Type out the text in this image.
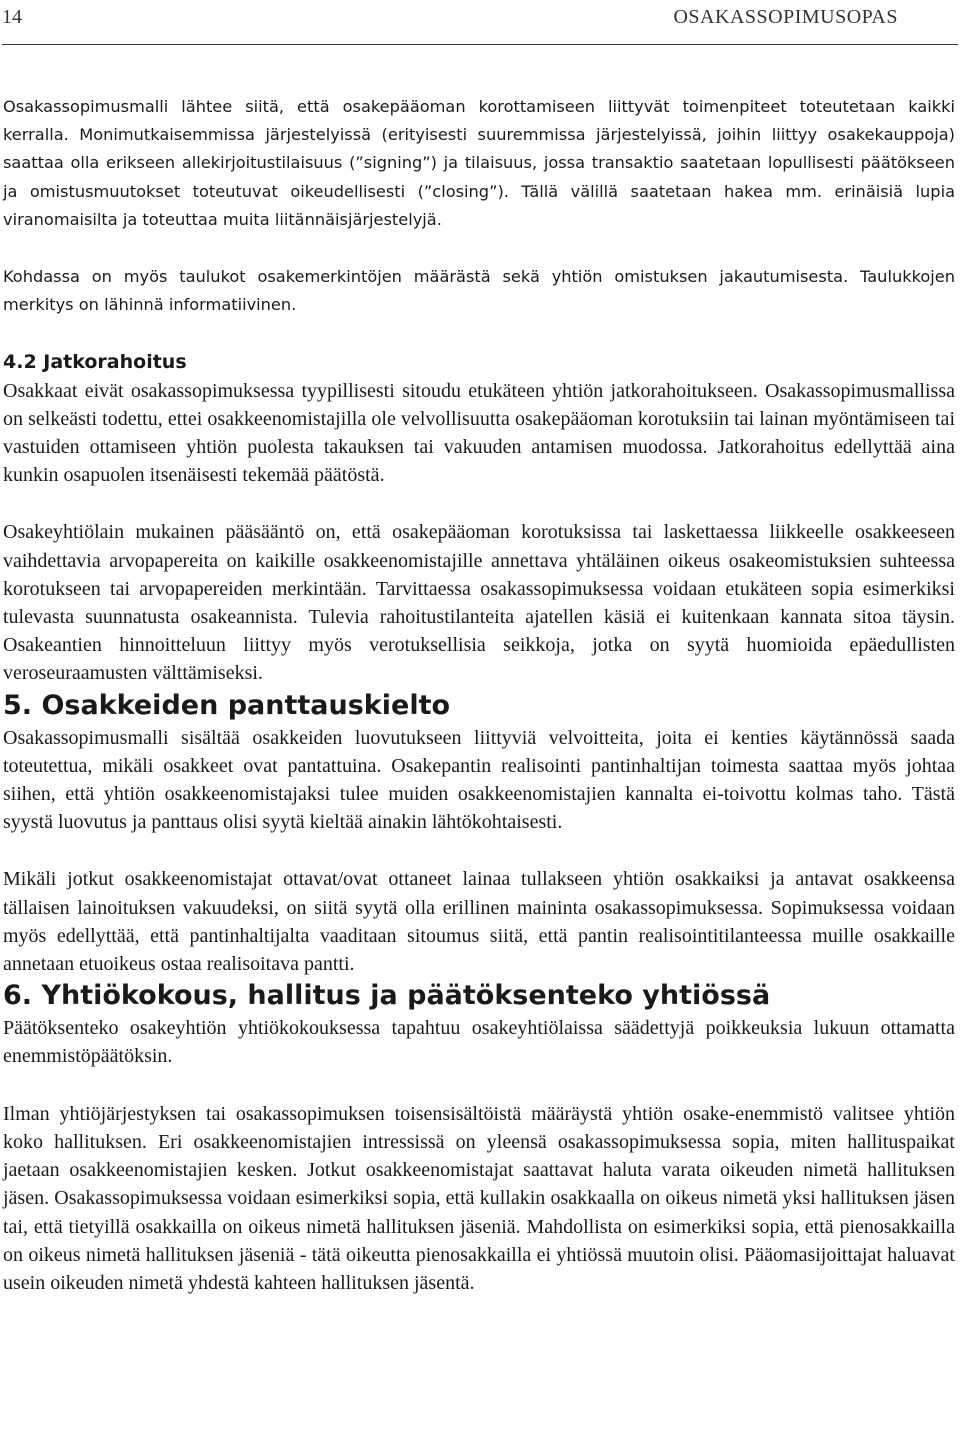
14	OSAKASSOPIMUSOPAS

Osakassopimusmalli lähtee siitä, että osakepääoman korottamiseen liittyvät toimenpiteet toteutetaan kaikki kerralla. Monimutkaisemmissa järjestelyissä (erityisesti suuremmissa järjestelyissä, joihin liittyy osakekauppoja) saattaa olla erikseen allekirjoitustilaisuus (”signing”) ja tilaisuus, jossa transaktio saatetaan lopullisesti päätökseen ja omistusmuutokset toteutuvat oikeudellisesti (”closing”). Tällä välillä saatetaan hakea mm. erinäisiä lupia viranomaisilta ja toteuttaa muita liitännäisjärjestelyjä.

Kohdassa on myös taulukot osakemerkintöjen määrästä sekä yhtiön omistuksen jakautumisesta. Taulukkojen merkitys on lähinnä informatiivinen.

4.2 Jatkorahoitus

Osakkaat eivät osakassopimuksessa tyypillisesti sitoudu etukäteen yhtiön jatkorahoitukseen. Osakassopimusmallissa on selkeästi todettu, ettei osakkeenomistajilla ole velvollisuutta osakepääoman korotuksiin tai lainan myöntämiseen tai vastuiden ottamiseen yhtiön puolesta takauksen tai vakuuden antamisen muodossa. Jatkorahoitus edellyttää aina kunkin osapuolen itsenäisesti tekemää päätöstä.

Osakeyhtiölain mukainen pääsääntö on, että osakepääoman korotuksissa tai laskettaessa liikkeelle osakkeeseen vaihdettavia arvopapereita on kaikille osakkeenomistajille annettava yhtäläinen oikeus osakeomistuksien suhteessa korotukseen tai arvopapereiden merkintään. Tarvittaessa osakassopimuksessa voidaan etukäteen sopia esimerkiksi tulevasta suunnatusta osakeannista. Tulevia rahoitustilanteita ajatellen käsiä ei kuitenkaan kannata sitoa täysin. Osakeantien hinnoitteluun liittyy myös verotuksellisia seikkoja, jotka on syytä huomioida epäedullisten veroseuraamusten välttämiseksi.

5. Osakkeiden panttauskielto

Osakassopimusmalli sisältää osakkeiden luovutukseen liittyviä velvoitteita, joita ei kenties käytännössä saada toteutettua, mikäli osakkeet ovat pantattuina. Osakepantin realisointi pantinhaltijan toimesta saattaa myös johtaa siihen, että yhtiön osakkeenomistajaksi tulee muiden osakkeenomistajien kannalta ei-toivottu kolmas taho. Tästä syystä luovutus ja panttaus olisi syytä kieltää ainakin lähtökohtaisesti.

Mikäli jotkut osakkeenomistajat ottavat/ovat ottaneet lainaa tullakseen yhtiön osakkaiksi ja antavat osakkeensa tällaisen lainoituksen vakuudeksi, on siitä syytä olla erillinen maininta osakassopimuksessa. Sopimuksessa voidaan myös edellyttää, että pantinhaltijalta vaaditaan sitoumus siitä, että pantin realisointitilanteessa muille osakkaille annetaan etuoikeus ostaa realisoitava pantti.

6. Yhtiökokous, hallitus ja päätöksenteko yhtiössä

Päätöksenteko osakeyhtiön yhtiökokouksessa tapahtuu osakeyhtiölaissa säädettyjä poikkeuksia lukuun ottamatta enemmistöpäätöksin.

Ilman yhtiöjärjestyksen tai osakassopimuksen toisensisältöistä määräystä yhtiön osake-enemmistö valitsee yhtiön koko hallituksen. Eri osakkeenomistajien intressissä on yleensä osakassopimuksessa sopia, miten hallituspaikat jaetaan osakkeenomistajien kesken. Jotkut osakkeenomistajat saattavat haluta varata oikeuden nimetä hallituksen jäsen. Osakassopimuksessa voidaan esimerkiksi sopia, että kullakin osakkaalla on oikeus nimetä yksi hallituksen jäsen tai, että tietyillä osakkailla on oikeus nimetä hallituksen jäseniä. Mahdollista on esimerkiksi sopia, että pienosakkailla on oikeus nimetä hallituksen jäseniä - tätä oikeutta pienosakkailla ei yhtiössä muutoin olisi. Pääomasijoittajat haluavat usein oikeuden nimetä yhdestä kahteen hallituksen jäsentä.
